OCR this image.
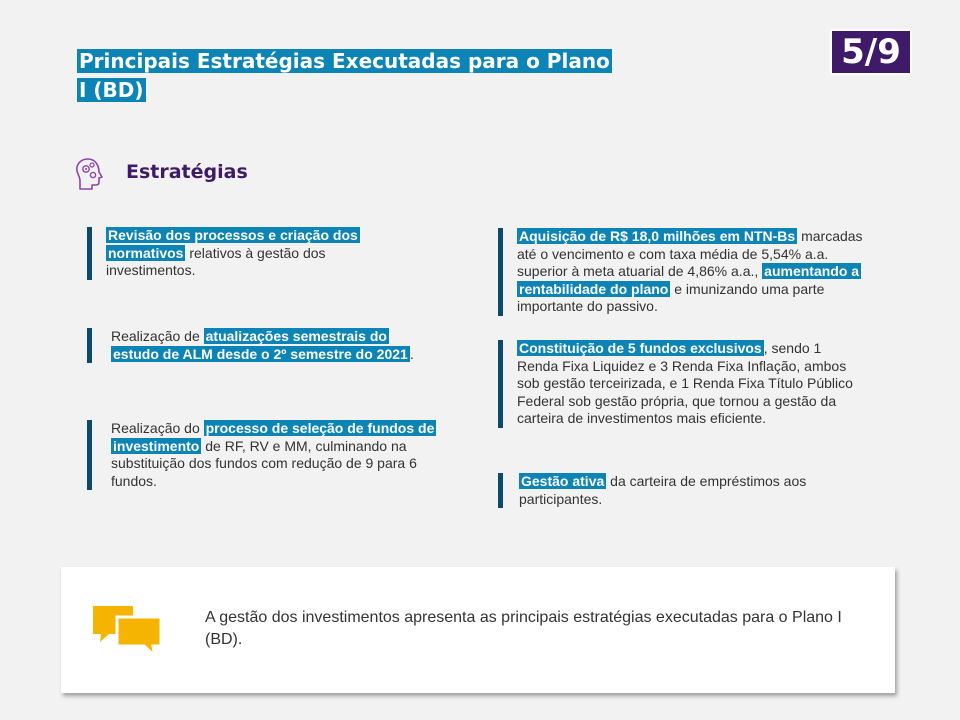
Principais Estratégias Executadas para o Plano I (BD)
5/9
Estratégias
Revisão dos processos e criação dos normativos relativos à gestão dos investimentos.
Realização de atualizações semestrais do estudo de ALM desde o 2º semestre do 2021 .
Realização do processo de seleção de fundos de investimento de RF, RV e MM, culminando na substituição dos fundos com redução de 9 para 6 fundos.
Aquisição de R$ 18,0 milhões em NTN-Bs marcadas até o vencimento e com taxa média de 5,54% a.a. superior à meta atuarial de 4,86% a.a., aumentando a rentabilidade do plano e imunizando uma parte importante do passivo.
Constituição de 5 fundos exclusivos , sendo 1 Renda Fixa Liquidez e 3 Renda Fixa Inflação, ambos sob gestão terceirizada, e 1 Renda Fixa Título Público Federal sob gestão própria, que tornou a gestão da carteira de investimentos mais eficiente.
Gestão ativa da carteira de empréstimos aos participantes.

A gestão dos investimentos apresenta as principais estratégias executadas para o Plano I (BD).
